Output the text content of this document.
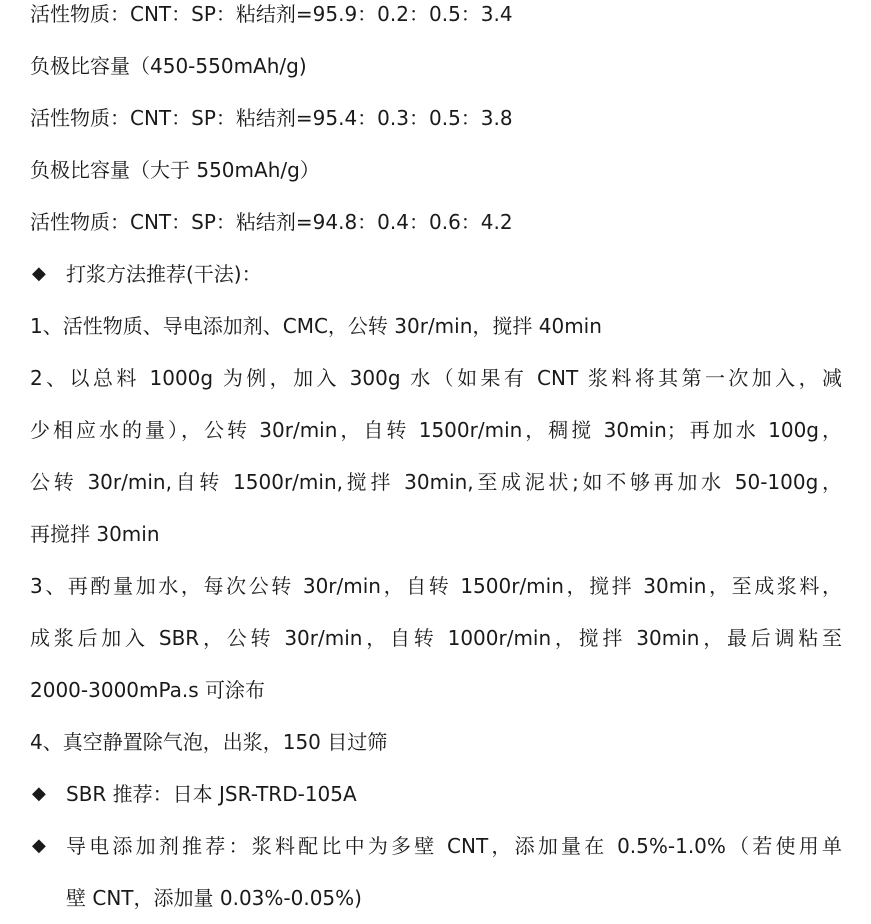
活性物质：CNT：SP：粘结剂=95.9：0.2：0.5：3.4
负极比容量（450-550mAh/g)
活性物质：CNT：SP：粘结剂=95.4：0.3：0.5：3.8
负极比容量（大于 550mAh/g）
活性物质：CNT：SP：粘结剂=94.8：0.4：0.6：4.2
◆ 打浆方法推荐(干法)：
1、活性物质、导电添加剂、CMC，公转 30r/min，搅拌 40min
2、以总料 1000g 为例，加入 300g 水（如果有 CNT 浆料将其第一次加入，减
少相应水的量），公转 30r/min，自转 1500r/min，稠搅 30min；再加水 100g，
公转 30r/min,自转 1500r/min,搅拌 30min,至成泥状;如不够再加水 50-100g，
再搅拌 30min
3、再酌量加水，每次公转 30r/min，自转 1500r/min，搅拌 30min，至成浆料，
成浆后加入 SBR，公转 30r/min，自转 1000r/min，搅拌 30min，最后调粘至
2000-3000mPa.s 可涂布
4、真空静置除气泡，出浆，150 目过筛
◆ SBR 推荐：日本 JSR-TRD-105A
◆ 导电添加剂推荐：浆料配比中为多壁 CNT，添加量在 0.5%-1.0%（若使用单
壁 CNT，添加量 0.03%-0.05%)
